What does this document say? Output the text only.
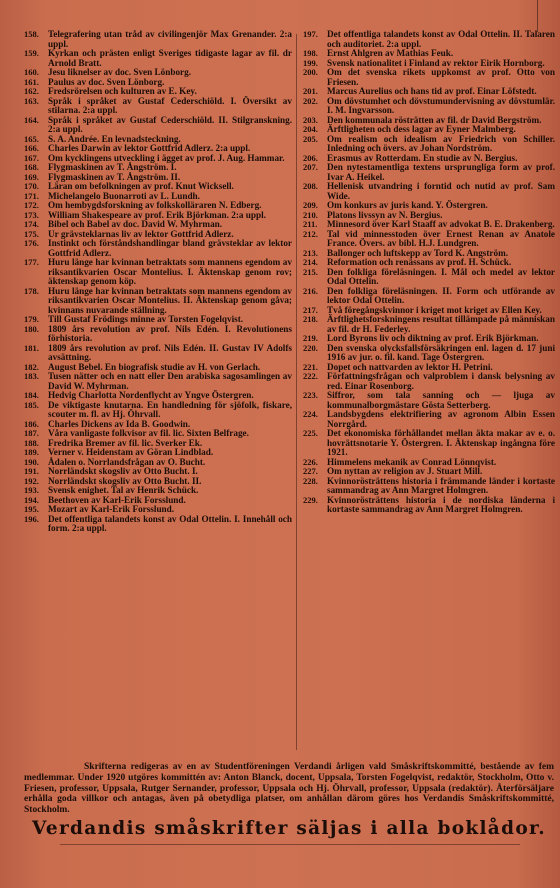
158. Telegrafering utan tråd av civilingenjör Max Grenander. 2:a uppl.
159. Kyrkan och prästen enligt Sveriges tidigaste lagar av fil. dr Arnold Bratt.
160. Jesu liknelser av doc. Sven Lönborg.
161. Paulus av doc. Sven Lönborg.
162. Fredsrörelsen och kulturen av E. Key.
163. Språk i språket av Gustaf Cederschiöld. I. Översikt av stilarna. 2:a uppl.
164. Språk i språket av Gustaf Cederschiöld. II. Stilgranskning. 2:a uppl.
165. S. A. Andrée. En levnadsteckning.
166. Charles Darwin av lektor Gottfrid Adlerz. 2:a uppl.
167. Om kycklingens utveckling i ägget av prof. J. Aug. Hammar.
168. Flygmaskinen av T. Ångström. I.
169. Flygmaskinen av T. Ångström. II.
170. Läran om befolkningen av prof. Knut Wicksell.
171. Michelangelo Buonarroti av L. Lundh.
172. Om hembygdsforskning av folkskolläraren N. Edberg.
173. William Shakespeare av prof. Erik Björkman. 2:a uppl.
174. Bibel och Babel av doc. David W. Myhrman.
175. Ur grävsteklarnas liv av lektor Gottfrid Adlerz.
176. Instinkt och förståndshandlingar bland grävsteklar av lektor Gottfrid Adlerz.
177. Huru länge har kvinnan betraktats som mannens egendom av riksantikvarien Oscar Montelius. I. Äktenskap genom rov; äktenskap genom köp.
178. Huru länge har kvinnan betraktats som mannens egendom av riksantikvarien Oscar Montelius. II. Äktenskap genom gåva; kvinnans nuvarande ställning.
179. Till Gustaf Frödings minne av Torsten Fogelqvist.
180. 1809 års revolution av prof. Nils Edén. I. Revolutionens förhistoria.
181. 1809 års revolution av prof. Nils Edén. II. Gustav IV Adolfs avsättning.
182. August Bebel. En biografisk studie av H. von Gerlach.
183. Tusen nätter och en natt eller Den arabiska sagosamlingen av David W. Myhrman.
184. Hedvig Charlotta Nordenflycht av Yngve Östergren.
185. De viktigaste knutarna. En handledning för sjöfolk, fiskare, scouter m. fl. av Hj. Öhrvall.
186. Charles Dickens av Ida B. Goodwin.
187. Våra vanligaste folkvisor av fil. lic. Sixten Belfrage.
188. Fredrika Bremer av fil. lic. Sverker Ek.
189. Verner v. Heidenstam av Göran Lindblad.
190. Ådalen o. Norrlandsfrågan av O. Bucht.
191. Norrländskt skogsliv av Otto Bucht. I.
192. Norrländskt skogsliv av Otto Bucht. II.
193. Svensk enighet. Tal av Henrik Schück.
194. Beethoven av Karl-Erik Forsslund.
195. Mozart av Karl-Erik Forsslund.
196. Det offentliga talandets konst av Odal Ottelin. I. Innehåll och form. 2:a uppl.
197. Det offentliga talandets konst av Odal Ottelin. II. Talaren och auditoriet. 2:a uppl.
198. Ernst Ahlgren av Mathias Feuk.
199. Svensk nationalitet i Finland av rektor Eirik Hornborg.
200. Om det svenska rikets uppkomst av prof. Otto von Friesen.
201. Marcus Aurelius och hans tid av prof. Einar Löfstedt.
202. Om dövstumhet och dövstumundervisning av dövstumlär. I. M. Ingvarsson.
203. Den kommunala rösträtten av fil. dr David Bergström.
204. Ärftligheten och dess lagar av Eyner Malmberg.
205. Om realism och idealism av Friedrich von Schiller. Inledning och övers. av Johan Nordström.
206. Erasmus av Rotterdam. En studie av N. Bergius.
207. Den nytestamentliga textens ursprungliga form av prof. Ivar A. Heikel.
208. Hellenisk utvandring i forntid och nutid av prof. Sam Wide.
209. Om konkurs av juris kand. Y. Östergren.
210. Platons livssyn av N. Bergius.
211.	Minnesord över Karl Staaff av advokat B. E. Drakenberg.
212. Tal vid minnesstoden över Ernest Renan av Anatole France. Övers. av bibl. H.J. Lundgren.
213. Ballonger och luftskepp av Tord K. Angström.
214. Reformation och renässans av prof. H. Schück.
215. Den folkliga föreläsningen. I. Mål och medel av lektor Odal Ottelin.
216. Den folkliga föreläsningen. II. Form och utförande av lektor Odal Ottelin.
217. Två föregångskvinnor i kriget mot kriget av Ellen Key.
218. Ärftlighetsforskningens resultat tillämpade på människan av fil. dr H. Federley.
219. Lord Byrons liv och diktning av prof. Erik Björkman.
220. Den svenska olycksfallsförsäkringen enl. lagen d. 17 juni 1916 av jur. o. fil. kand. Tage Östergren.
221. Dopet och nattvarden av lektor H. Petrini.
222. Författningsfrågan och valproblem i dansk belysning av red. Einar Rosenborg.
223. Siffror, som tala sanning och — ljuga av kommunalborgmästare Gösta Setterberg.
224. Landsbygdens elektrifiering av agronom Albin Essen Norrgård.
225. Det ekonomiska förhållandet mellan äkta makar av e. o. hovrättsnotarie Y. Östergren. I. Äktenskap ingångna före 1921.
226. Himmelens mekanik av Conrad Lönnqvist.
227. Om nyttan av religion av J. Stuart Mill.
228. Kvinnorösträttens historia i främmande länder i kortaste sammandrag av Ann Margret Holmgren.
229. Kvinnorösträttens historia i de nordiska länderna i kortaste sammandrag av Ann Margret Holmgren.
Skrifterna redigeras av en av Studentföreningen Verdandi årligen vald Småskriftskommitté, bestående av fem medlemmar. Under 1920 utgöres kommittén av: Anton Blanck, docent, Uppsala, Torsten Fogelqvist, redaktör, Stockholm, Otto v. Friesen, professor, Uppsala, Rutger Sernander, professor, Uppsala och Hj. Öhrvall, professor, Uppsala (redaktör). Återförsäljare erhålla goda villkor och antagas, även på obetydliga platser, om anhållan därom göres hos Verdandis Småskriftskommitté, Stockholm.
Verdandis småskrifter säljas i alla boklådor.
